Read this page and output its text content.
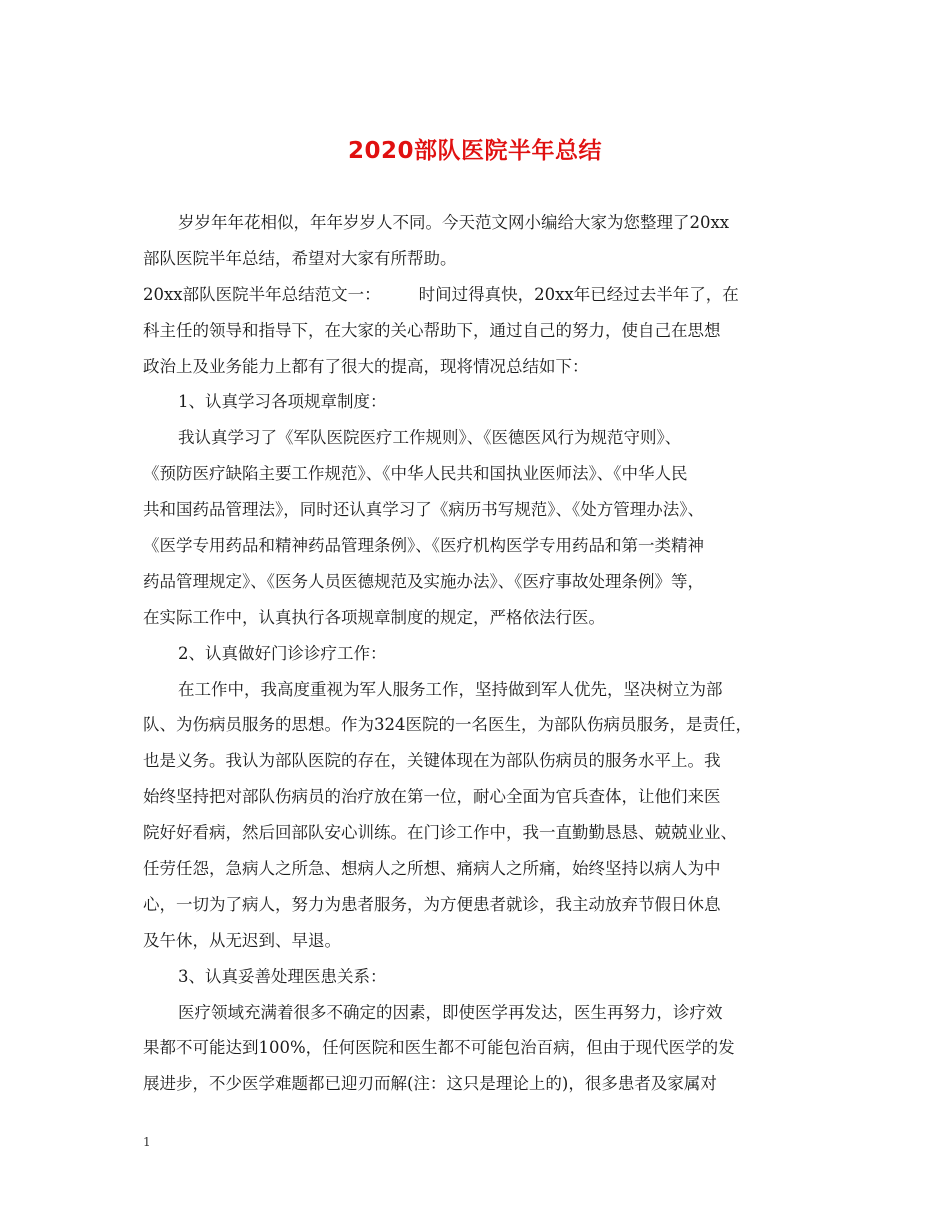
2020部队医院半年总结
岁岁年年花相似，年年岁岁人不同。今天范文网小编给大家为您整理了20xx
部队医院半年总结，希望对大家有所帮助。
20xx部队医院半年总结范文一： 时间过得真快，20xx年已经过去半年了，在
科主任的领导和指导下，在大家的关心帮助下，通过自己的努力，使自己在思想
政治上及业务能力上都有了很大的提高，现将情况总结如下：
1、认真学习各项规章制度：
我认真学习了《军队医院医疗工作规则》、《医德医风行为规范守则》、
《预防医疗缺陷主要工作规范》、《中华人民共和国执业医师法》、《中华人民
共和国药品管理法》，同时还认真学习了《病历书写规范》、《处方管理办法》、
《医学专用药品和精神药品管理条例》、《医疗机构医学专用药品和第一类精神
药品管理规定》、《医务人员医德规范及实施办法》、《医疗事故处理条例》等，
在实际工作中，认真执行各项规章制度的规定，严格依法行医。
2、认真做好门诊诊疗工作：
在工作中，我高度重视为军人服务工作，坚持做到军人优先，坚决树立为部
队、为伤病员服务的思想。作为324医院的一名医生，为部队伤病员服务，是责任，
也是义务。我认为部队医院的存在，关键体现在为部队伤病员的服务水平上。我
始终坚持把对部队伤病员的治疗放在第一位，耐心全面为官兵查体，让他们来医
院好好看病，然后回部队安心训练。在门诊工作中，我一直勤勤恳恳、兢兢业业、
任劳任怨，急病人之所急、想病人之所想、痛病人之所痛，始终坚持以病人为中
心，一切为了病人，努力为患者服务，为方便患者就诊，我主动放弃节假日休息
及午休，从无迟到、早退。
3、认真妥善处理医患关系：
医疗领域充满着很多不确定的因素，即使医学再发达，医生再努力，诊疗效
果都不可能达到100%，任何医院和医生都不可能包治百病，但由于现代医学的发
展进步，不少医学难题都已迎刃而解(注：这只是理论上的)，很多患者及家属对
1
